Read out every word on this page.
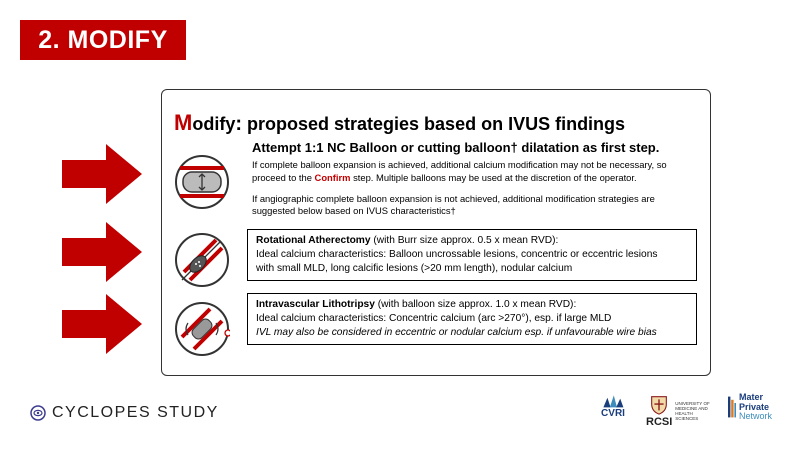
2. MODIFY
Modify: proposed strategies based on IVUS findings
Attempt 1:1 NC Balloon or cutting balloon† dilatation as first step.
If complete balloon expansion is achieved, additional calcium modification may not be necessary, so
proceed to the Confirm step. Multiple balloons may be used at the discretion of the operator.
If angiographic complete balloon expansion is not achieved, additional modification strategies are
suggested below based on IVUS characteristics†
Rotational Atherectomy (with Burr size approx. 0.5 x mean RVD):
Ideal calcium characteristics: Balloon uncrossable lesions, concentric or eccentric lesions
with small MLD, long calcific lesions (>20 mm length), nodular calcium
Intravascular Lithotripsy (with balloon size approx. 1.0 x mean RVD):
Ideal calcium characteristics: Concentric calcium (arc >270°), esp. if large MLD
IVL may also be considered in eccentric or nodular calcium esp. if unfavourable wire bias
CYCLOPES STUDY	CVRI
RCSI
UNIVERSITY OF MEDICINE AND HEALTH SCIENCES
Mater
Private
Network
